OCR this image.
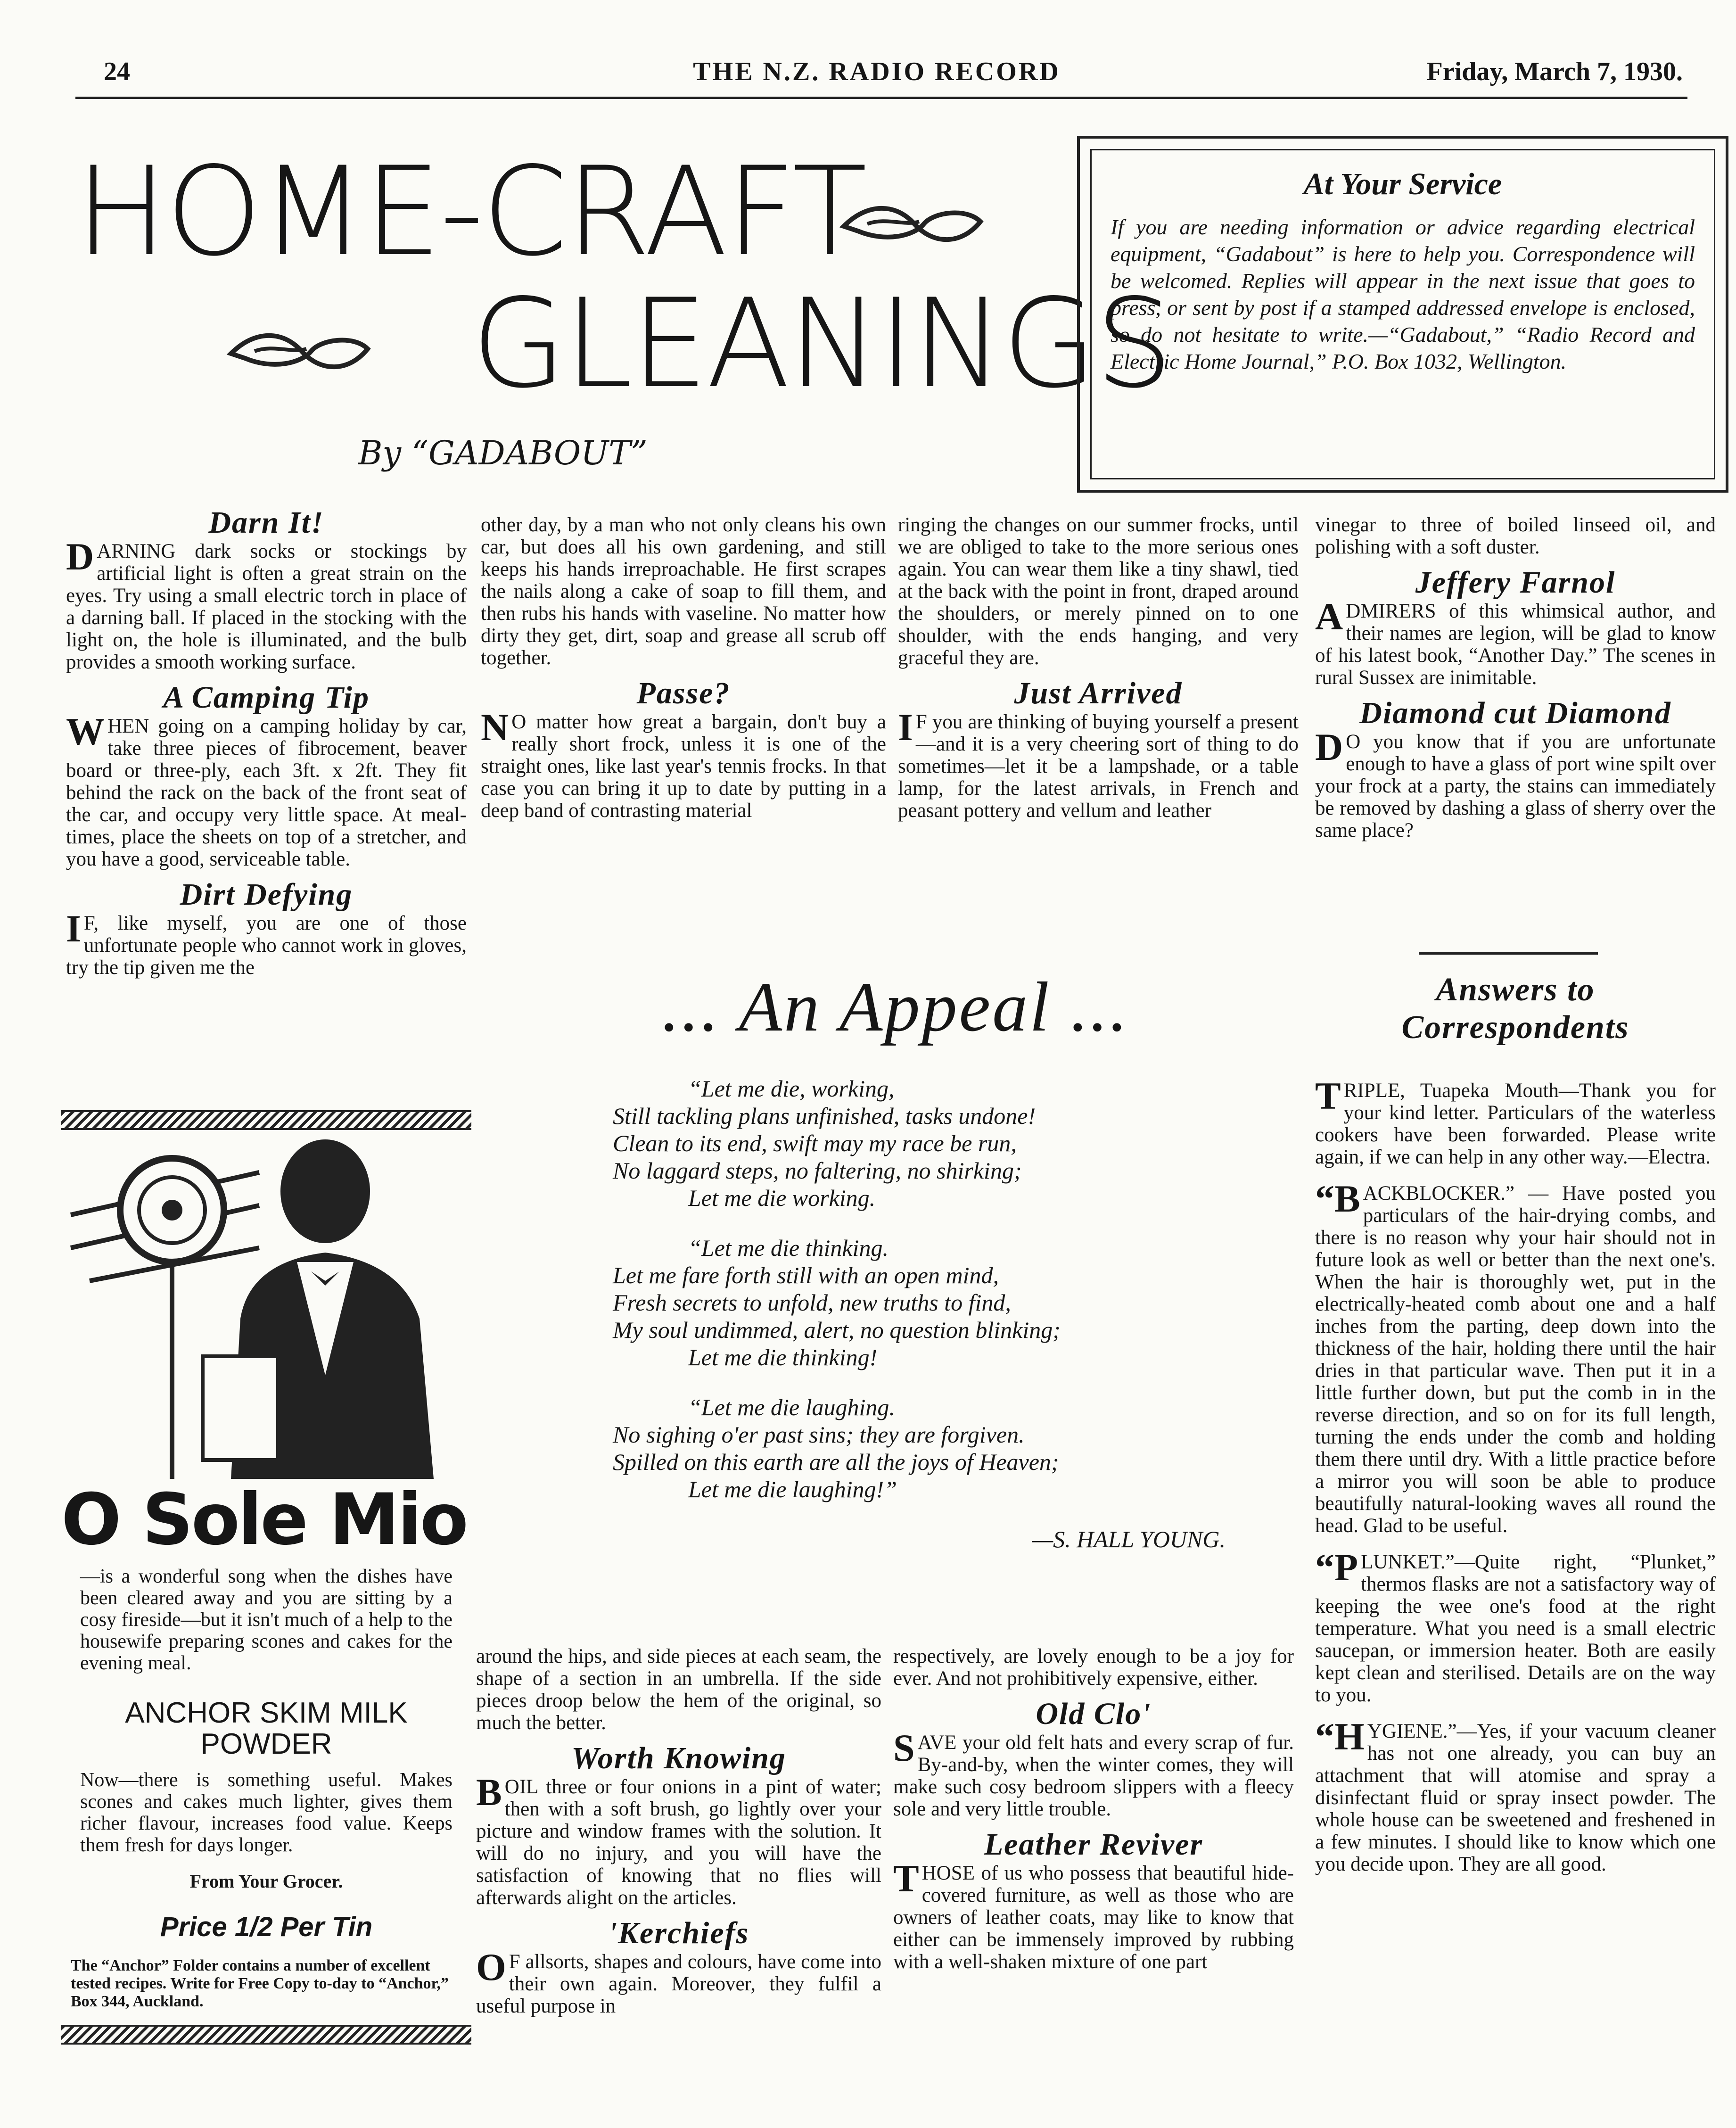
24	THE N.Z. RADIO RECORD	Friday, March 7, 1930.
HOME-CRAFT
GLEANINGS
By “GADABOUT”
At Your Service

If you are needing information or advice regarding electrical equipment, “Gadabout” is here to help you. Correspondence will be welcomed. Replies will appear in the next issue that goes to press, or sent by post if a stamped addressed envelope is enclosed, so do not hesitate to write.—“Gadabout,” “Radio Record and Electric Home Journal,” P.O. Box 1032, Wellington.

Darn It!

DARNING dark socks or stockings by artificial light is often a great strain on the eyes. Try using a small electric torch in place of a darning ball. If placed in the stocking with the light on, the hole is illuminated, and the bulb provides a smooth working surface.

A Camping Tip

WHEN going on a camping holiday by car, take three pieces of fibrocement, beaver board or three-ply, each 3ft. x 2ft. They fit behind the rack on the back of the front seat of the car, and occupy very little space. At meal-times, place the sheets on top of a stretcher, and you have a good, serviceable table.

Dirt Defying

I F, like myself, you are one of those unfortunate people who cannot work in gloves, try the tip given me the

other day, by a man who not only cleans his own car, but does all his own gardening, and still keeps his hands irreproachable. He first scrapes the nails along a cake of soap to fill them, and then rubs his hands with vaseline. No matter how dirty they get, dirt, soap and grease all scrub off together.

Passe?

N O matter how great a bargain, don't buy a really short frock, unless it is one of the straight ones, like last year's tennis frocks. In that case you can bring it up to date by putting in a deep band of contrasting material

ringing the changes on our summer frocks, until we are obliged to take to the more serious ones again. You can wear them like a tiny shawl, tied at the back with the point in front, draped around the shoulders, or merely pinned on to one shoulder, with the ends hanging, and very graceful they are.

Just Arrived

I F you are thinking of buying yourself a present—and it is a very cheering sort of thing to do sometimes—let it be a lampshade, or a table lamp, for the latest arrivals, in French and peasant pottery and vellum and leather

vinegar to three of boiled linseed oil, and polishing with a soft duster.

Jeffery Farnol

ADMIRERS of this whimsical author, and their names are legion, will be glad to know of his latest book, “Another Day.” The scenes in rural Sussex are inimitable.

Diamond cut Diamond

D O you know that if you are unfortunate enough to have a glass of port wine spilt over your frock at a party, the stains can immediately be removed by dashing a glass of sherry over the same place?

... An Appeal ...
“Let me die, working,
Still tackling plans unfinished, tasks undone!
Clean to its end, swift may my race be run,
No laggard steps, no faltering, no shirking;
Let me die working.
“Let me die thinking.
Let me fare forth still with an open mind,
Fresh secrets to unfold, new truths to find,
My soul undimmed, alert, no question blinking;
Let me die thinking!
“Let me die laughing.
No sighing o'er past sins; they are forgiven.
Spilled on this earth are all the joys of Heaven;
Let me die laughing!”
—S. HALL YOUNG.
Answers to
Correspondents

TRIPLE, Tuapeka Mouth—Thank you for your kind letter. Particulars of the waterless cookers have been forwarded. Please write again, if we can help in any other way.—Electra.

“BACKBLOCKER.” — Have posted you particulars of the hair-drying combs, and there is no reason why your hair should not in future look as well or better than the next one's. When the hair is thoroughly wet, put in the electrically-heated comb about one and a half inches from the parting, deep down into the thickness of the hair, holding there until the hair dries in that particular wave. Then put it in a little further down, but put the comb in in the reverse direction, and so on for its full length, turning the ends under the comb and holding them there until dry. With a little practice before a mirror you will soon be able to produce beautifully natural-looking waves all round the head. Glad to be useful.

“PLUNKET.”—Quite right, “Plunket,” thermos flasks are not a satisfactory way of keeping the wee one's food at the right temperature. What you need is a small electric saucepan, or immersion heater. Both are easily kept clean and sterilised. Details are on the way to you.

“HYGIENE.”—Yes, if your vacuum cleaner has not one already, you can buy an attachment that will atomise and spray a disinfectant fluid or spray insect powder. The whole house can be sweetened and freshened in a few minutes. I should like to know which one you decide upon. They are all good.

around the hips, and side pieces at each seam, the shape of a section in an umbrella. If the side pieces droop below the hem of the original, so much the better.

Worth Knowing

BOIL three or four onions in a pint of water; then with a soft brush, go lightly over your picture and window frames with the solution. It will do no injury, and you will have the satisfaction of knowing that no flies will afterwards alight on the articles.

'Kerchiefs

O F allsorts, shapes and colours, have come into their own again. Moreover, they fulfil a useful purpose in

respectively, are lovely enough to be a joy for ever. And not prohibitively expensive, either.

Old Clo'

SAVE your old felt hats and every scrap of fur. By-and-by, when the winter comes, they will make such cosy bedroom slippers with a fleecy sole and very little trouble.

Leather Reviver

THOSE of us who possess that beautiful hide-covered furniture, as well as those who are owners of leather coats, may like to know that either can be immensely improved by rubbing with a well-shaken mixture of one part

O Sole Mio
—is a wonderful song when the dishes have been cleared away and you are sitting by a cosy fireside—but it isn't much of a help to the housewife preparing scones and cakes for the evening meal.
ANCHOR SKIM MILK
POWDER
Now—there is something useful. Makes scones and cakes much lighter, gives them richer flavour, increases food value. Keeps them fresh for days longer.
From Your Grocer.
Price 1/2 Per Tin
The “Anchor” Folder contains a number of excellent tested recipes. Write for Free Copy to-day to “Anchor,” Box 344, Auckland.
